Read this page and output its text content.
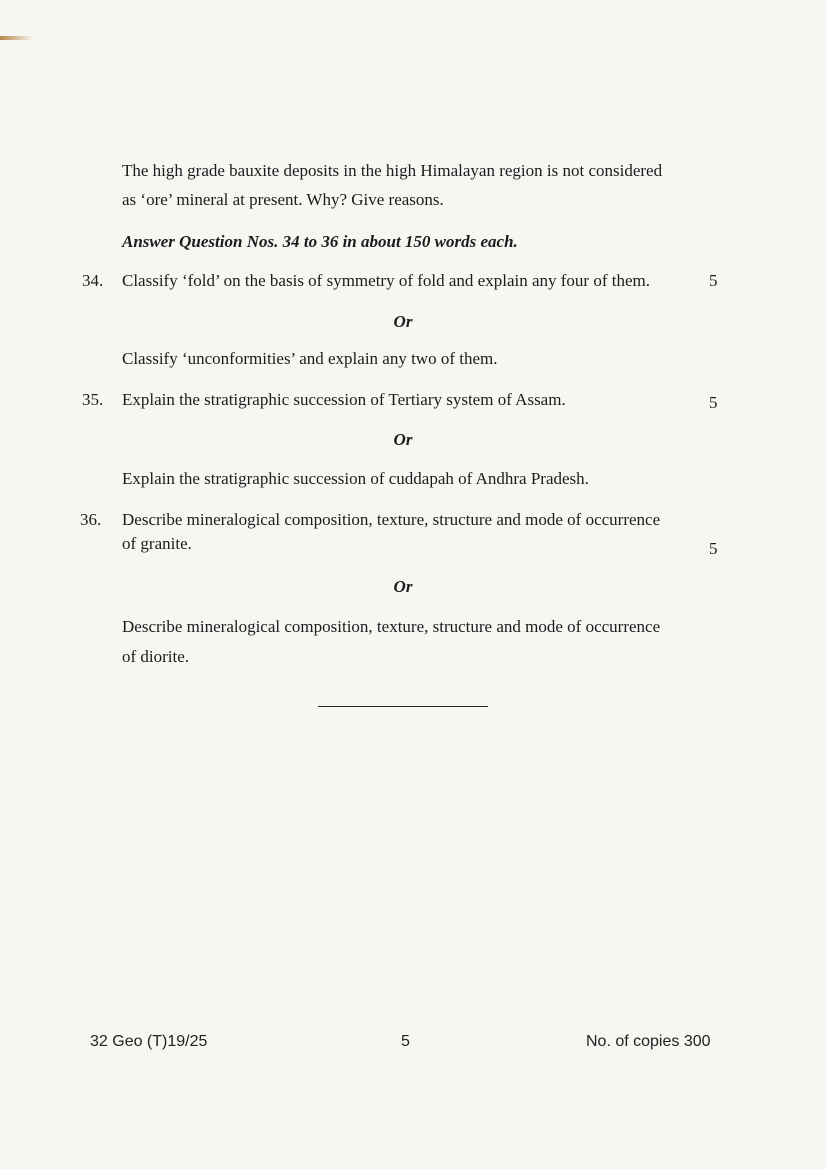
The high grade bauxite deposits in the high Himalayan region is not considered
as ‘ore’ mineral at present. Why? Give reasons.
Answer Question Nos. 34 to 36 in about 150 words each.
34. Classify ‘fold’ on the basis of symmetry of fold and explain any four of them.	5
Or
Classify ‘unconformities’ and explain any two of them.
35. Explain the stratigraphic succession of Tertiary system of Assam.	5
Or
Explain the stratigraphic succession of cuddapah of Andhra Pradesh.
36. Describe mineralogical composition, texture, structure and mode of occurrence
of granite.	5
Or
Describe mineralogical composition, texture, structure and mode of occurrence
of diorite.
32 Geo (T)19/25	5	No. of copies 300
